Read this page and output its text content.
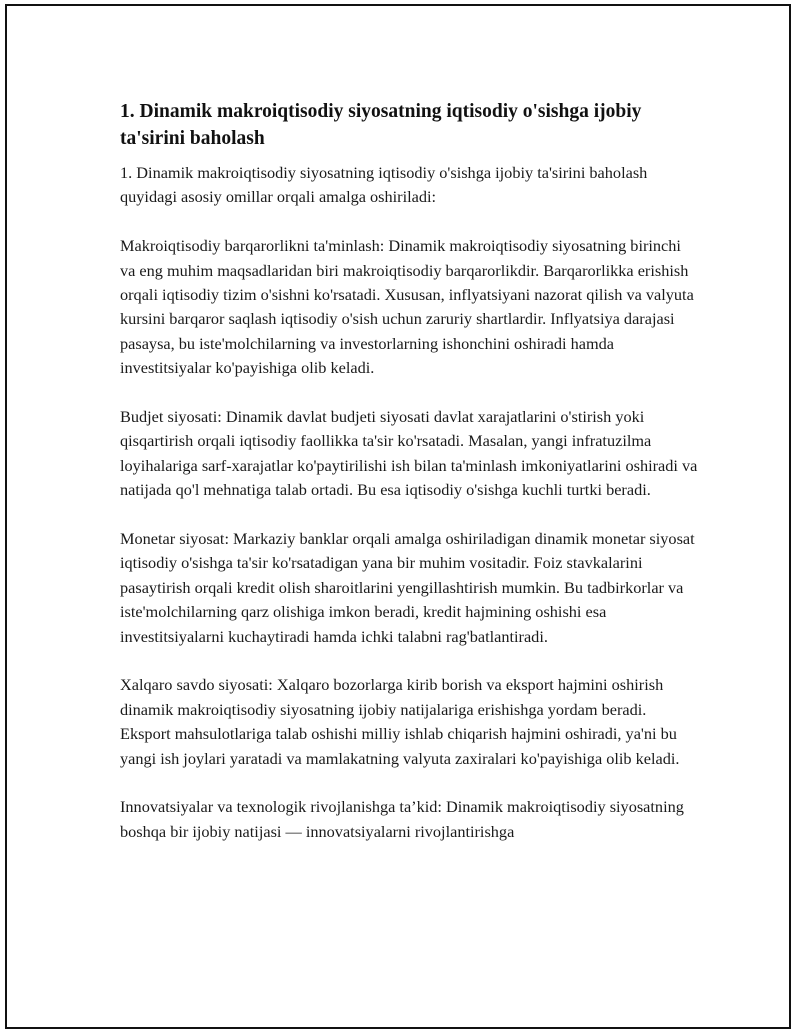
1. Dinamik makroiqtisodiy siyosatning iqtisodiy o'sishga ijobiy ta'sirini baholash

1. Dinamik makroiqtisodiy siyosatning iqtisodiy o'sishga ijobiy ta'sirini baholash quyidagi asosiy omillar orqali amalga oshiriladi:

Makroiqtisodiy barqarorlikni ta'minlash: Dinamik makroiqtisodiy siyosatning birinchi va eng muhim maqsadlaridan biri makroiqtisodiy barqarorlikdir. Barqarorlikka erishish orqali iqtisodiy tizim o'sishni ko'rsatadi. Xususan, inflyatsiyani nazorat qilish va valyuta kursini barqaror saqlash iqtisodiy o'sish uchun zaruriy shartlardir. Inflyatsiya darajasi pasaysa, bu iste'molchilarning va investorlarning ishonchini oshiradi hamda investitsiyalar ko'payishiga olib keladi.

Budjet siyosati: Dinamik davlat budjeti siyosati davlat xarajatlarini o'stirish yoki qisqartirish orqali iqtisodiy faollikka ta'sir ko'rsatadi. Masalan, yangi infratuzilma loyihalariga sarf-xarajatlar ko'paytirilishi ish bilan ta'minlash imkoniyatlarini oshiradi va natijada qo'l mehnatiga talab ortadi. Bu esa iqtisodiy o'sishga kuchli turtki beradi.

Monetar siyosat: Markaziy banklar orqali amalga oshiriladigan dinamik monetar siyosat iqtisodiy o'sishga ta'sir ko'rsatadigan yana bir muhim vositadir. Foiz stavkalarini pasaytirish orqali kredit olish sharoitlarini yengillashtirish mumkin. Bu tadbirkorlar va iste'molchilarning qarz olishiga imkon beradi, kredit hajmining oshishi esa investitsiyalarni kuchaytiradi hamda ichki talabni rag'batlantiradi.

Xalqaro savdo siyosati: Xalqaro bozorlarga kirib borish va eksport hajmini oshirish dinamik makroiqtisodiy siyosatning ijobiy natijalariga erishishga yordam beradi. Eksport mahsulotlariga talab oshishi milliy ishlab chiqarish hajmini oshiradi, ya'ni bu yangi ish joylari yaratadi va mamlakatning valyuta zaxiralari ko'payishiga olib keladi.

Innovatsiyalar va texnologik rivojlanishga ta’kid: Dinamik makroiqtisodiy siyosatning boshqa bir ijobiy natijasi — innovatsiyalarni rivojlantirishga
